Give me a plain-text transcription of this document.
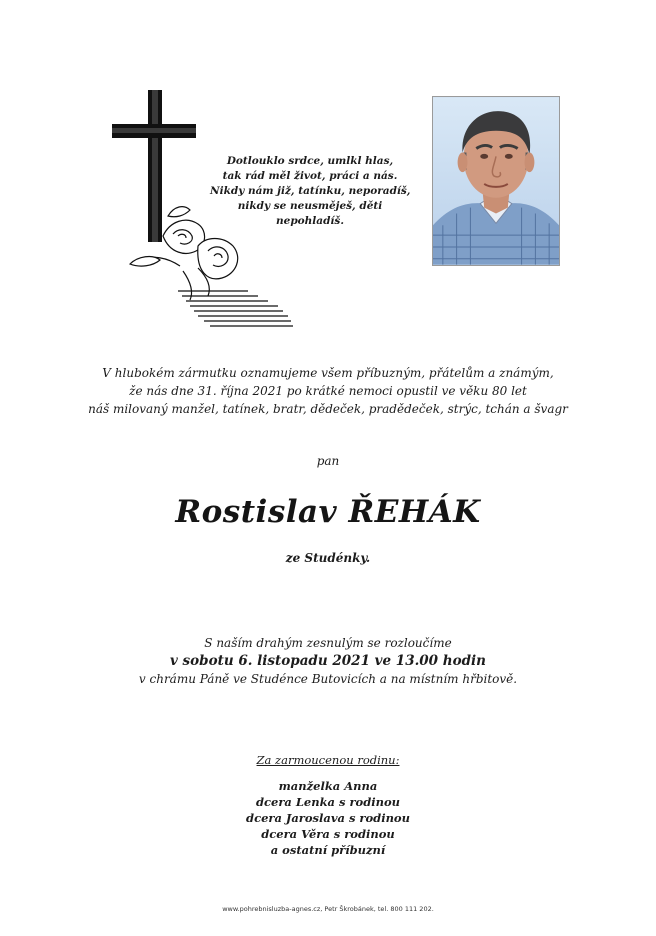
Dotlouklo srdce, umlkl hlas,
tak rád měl život, práci a nás.
Nikdy nám již, tatínku, neporadíš,
nikdy se neusměješ, děti
nepohladíš.
V hlubokém zármutku oznamujeme všem příbuzným, přátelům a známým,
že nás dne 31. října 2021 po krátké nemoci opustil ve věku 80 let
náš milovaný manžel, tatínek, bratr, dědeček, pradědeček, strýc, tchán a švagr
pan
Rostislav ŘEHÁK
ze Studénky.
S naším drahým zesnulým se rozloučíme
v sobotu 6. listopadu 2021 ve 13.00 hodin
v chrámu Páně ve Studénce Butovicích a na místním hřbitově.
Za zarmoucenou rodinu:
manželka Anna
dcera Lenka s rodinou
dcera Jaroslava s rodinou
dcera Věra s rodinou
a ostatní příbuzní
www.pohrebnisluzba-agnes.cz, Petr Škrobánek, tel. 800 111 202.
